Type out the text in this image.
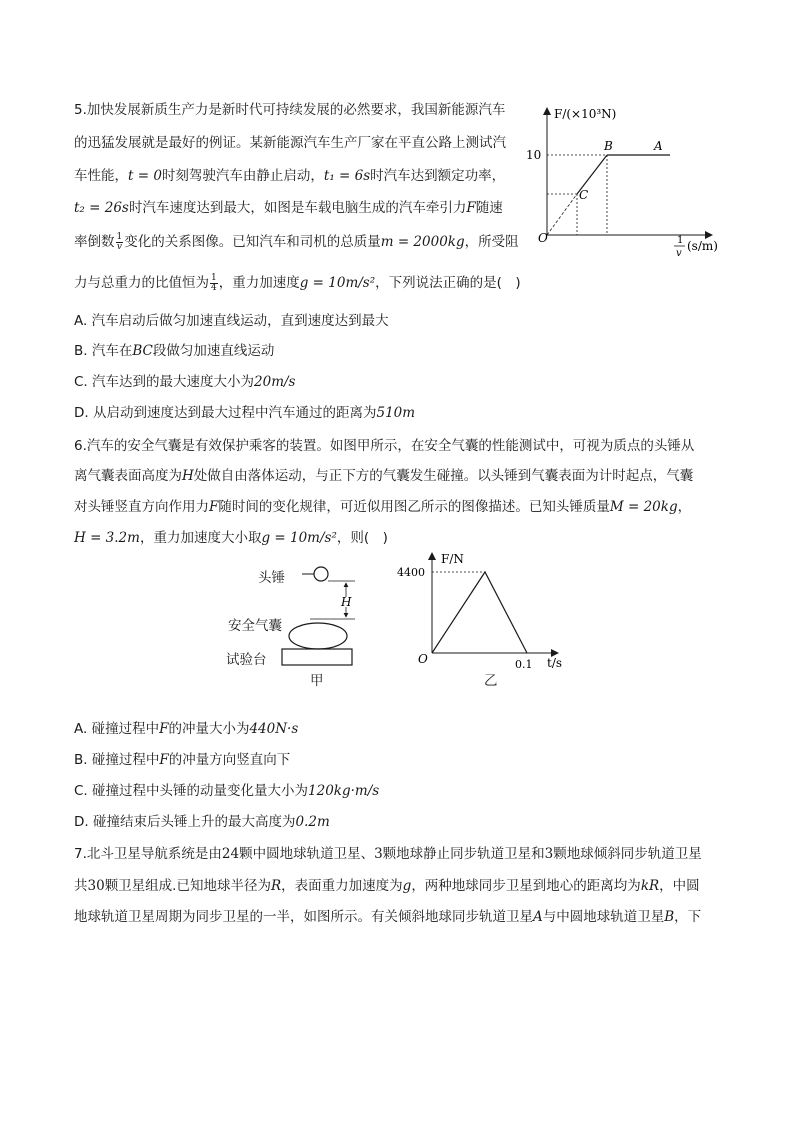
5.加快发展新质生产力是新时代可持续发展的必然要求，我国新能源汽车
的迅猛发展就是最好的例证。某新能源汽车生产厂家在平直公路上测试汽
车性能，t = 0时刻驾驶汽车由静止启动，t₁ = 6s时汽车达到额定功率，
t₂ = 26s时汽车速度达到最大，如图是车载电脑生成的汽车牵引力F随速
率倒数 $\frac{1}{v}$ 变化的关系图像。已知汽车和司机的总质量m = 2000kg，所受阻
力与总重力的比值恒为 $\frac{1}{4}$ ，重力加速度g = 10m/s²，下列说法正确的是(　)
F/(×10³N)
10
B	A
C
O	1
v
(s/m)
A. 汽车启动后做匀加速直线运动，直到速度达到最大
B. 汽车在BC段做匀加速直线运动
C. 汽车达到的最大速度大小为20m/s
D. 从启动到速度达到最大过程中汽车通过的距离为510m
6.汽车的安全气囊是有效保护乘客的装置。如图甲所示，在安全气囊的性能测试中，可视为质点的头锤从
离气囊表面高度为H处做自由落体运动，与正下方的气囊发生碰撞。以头锤到气囊表面为计时起点，气囊
对头锤竖直方向作用力F随时间的变化规律，可近似用图乙所示的图像描述。已知头锤质量M = 20kg，
H = 3.2m，重力加速度大小取g = 10m/s²，则(　)
头锤
安全气囊
试验台
甲
H
F/N
4400
O	0.1 t/s
乙
A. 碰撞过程中F的冲量大小为440N·s
B. 碰撞过程中F的冲量方向竖直向下
C. 碰撞过程中头锤的动量变化量大小为120kg·m/s
D. 碰撞结束后头锤上升的最大高度为0.2m
7.北斗卫星导航系统是由24颗中圆地球轨道卫星、3颗地球静止同步轨道卫星和3颗地球倾斜同步轨道卫星
共30颗卫星组成.已知地球半径为R，表面重力加速度为g，两种地球同步卫星到地心的距离均为kR，中圆
地球轨道卫星周期为同步卫星的一半，如图所示。有关倾斜地球同步轨道卫星A与中圆地球轨道卫星B，下
